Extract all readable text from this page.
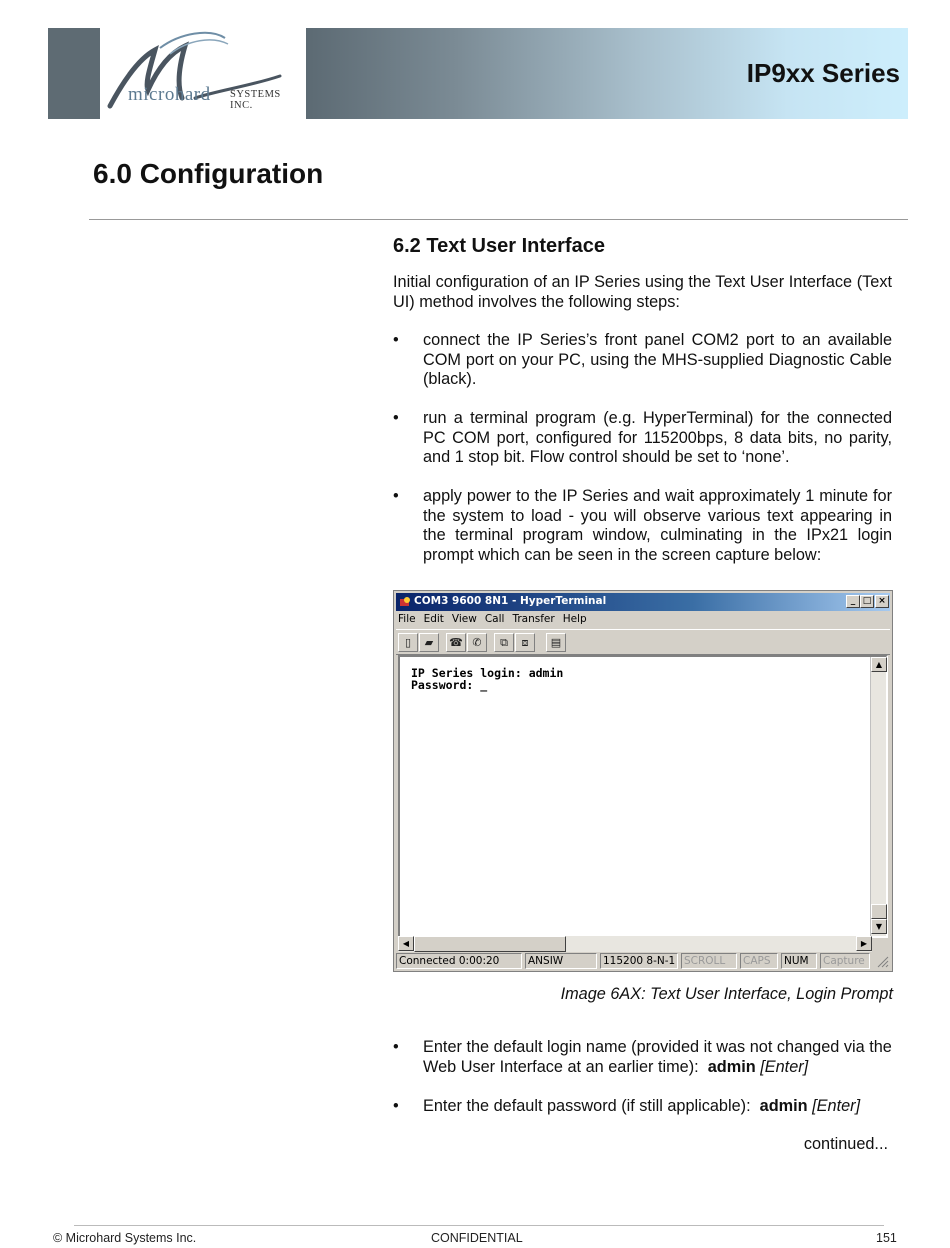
microhard SYSTEMS INC.
IP9xx Series
6.0 Configuration
6.2 Text User Interface

Initial configuration of an IP Series using the Text User Interface (Text UI) method involves the following steps:

•	connect the IP Series’s front panel COM2 port to an available COM port on your PC, using the MHS-supplied Diagnostic Cable (black).
•	run a terminal program (e.g. HyperTerminal) for the connected PC COM port, configured for 115200bps, 8 data bits, no parity, and 1 stop bit. Flow control should be set to ‘none’.
•	apply power to the IP Series and wait approximately 1 minute for the system to load - you will observe various text appearing in the terminal program window, culminating in the IPx21 login prompt which can be seen in the screen capture below:
COM3 9600 8N1 - HyperTerminal	_ □ ×
File Edit View Call Transfer Help
▯	▰	☎ ✆	⧉	⧈	▤
IP Series login: admin
Password: _
▲
▼
◀	▶
Connected 0:00:20	ANSIW	115200 8-N-1 SCROLL	CAPS	NUM	Capture
Image 6AX: Text User Interface, Login Prompt
•	Enter the default login name (provided it was not changed via the Web User Interface at an earlier time): admin [Enter]
•	Enter the default password (if still applicable): admin [Enter]
continued...
© Microhard Systems Inc.	CONFIDENTIAL	151
